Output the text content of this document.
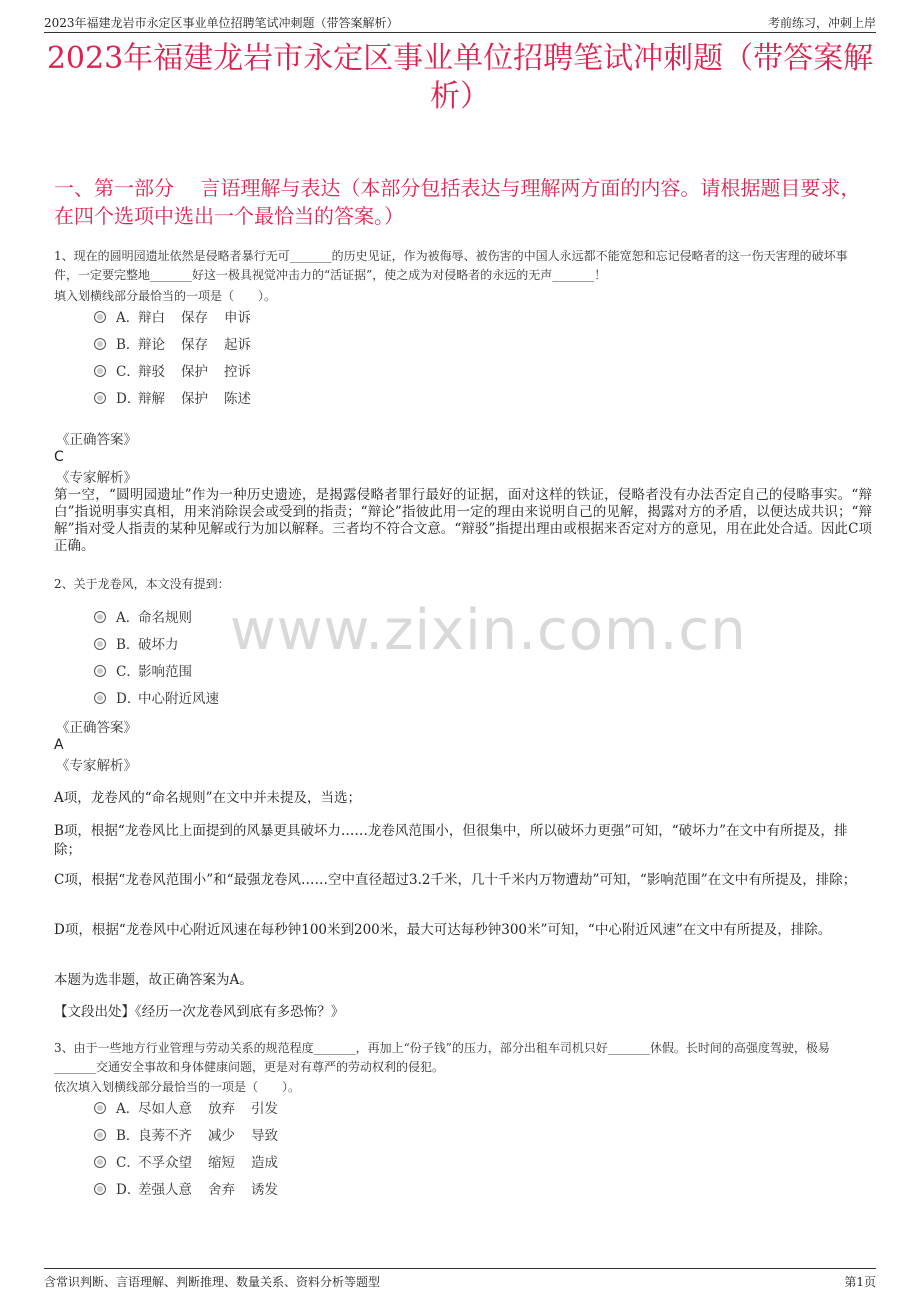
2023年福建龙岩市永定区事业单位招聘笔试冲刺题（带答案解析）	考前练习，冲刺上岸
2023年福建龙岩市永定区事业单位招聘笔试冲刺题（带答案解析）
一、第一部分　 言语理解与表达（本部分包括表达与理解两方面的内容。请根据题目要求，在四个选项中选出一个最恰当的答案。）
www.zixin.com.cn
1、现在的圆明园遗址依然是侵略者暴行无可_______的历史见证，作为被侮辱、被伤害的中国人永远都不能宽恕和忘记侵略者的这一伤天害理的破坏事件，一定要完整地_______好这一极具视觉冲击力的“活证据”，使之成为对侵略者的永远的无声_______！
填入划横线部分最恰当的一项是（　　）。
A．辩白 保存 申诉
B．辩论 保存 起诉
C．辩驳 保护 控诉
D．辩解 保护 陈述
《正确答案》
C
《专家解析》
第一空，“圆明园遗址”作为一种历史遗迹，是揭露侵略者罪行最好的证据，面对这样的铁证，侵略者没有办法否定自己的侵略事实。“辩白”指说明事实真相，用来消除误会或受到的指责；“辩论”指彼此用一定的理由来说明自己的见解，揭露对方的矛盾，以便达成共识；“辩解”指对受人指责的某种见解或行为加以解释。三者均不符合文意。“辩驳”指提出理由或根据来否定对方的意见，用在此处合适。因此C项正确。
2、关于龙卷风，本文没有提到：
A．命名规则
B．破坏力
C．影响范围
D．中心附近风速
《正确答案》
A
《专家解析》
A项，龙卷风的“命名规则”在文中并未提及，当选；
B项，根据“龙卷风比上面提到的风暴更具破坏力……龙卷风范围小，但很集中，所以破坏力更强”可知，“破坏力”在文中有所提及，排除；
C项，根据“龙卷风范围小”和“最强龙卷风……空中直径超过3.2千米，几十千米内万物遭劫”可知，“影响范围”在文中有所提及，排除；
D项，根据“龙卷风中心附近风速在每秒钟100米到200米，最大可达每秒钟300米”可知，“中心附近风速”在文中有所提及，排除。
本题为选非题，故正确答案为A。
【文段出处】《经历一次龙卷风到底有多恐怖？》
3、由于一些地方行业管理与劳动关系的规范程度_______，再加上“份子钱”的压力，部分出租车司机只好_______休假。长时间的高强度驾驶，极易_______交通安全事故和身体健康问题，更是对有尊严的劳动权利的侵犯。
依次填入划横线部分最恰当的一项是（　　）。
A．尽如人意 放弃 引发
B．良莠不齐 减少 导致
C．不孚众望 缩短 造成
D．差强人意 舍弃 诱发
含常识判断、言语理解、判断推理、数量关系、资料分析等题型	第1页
